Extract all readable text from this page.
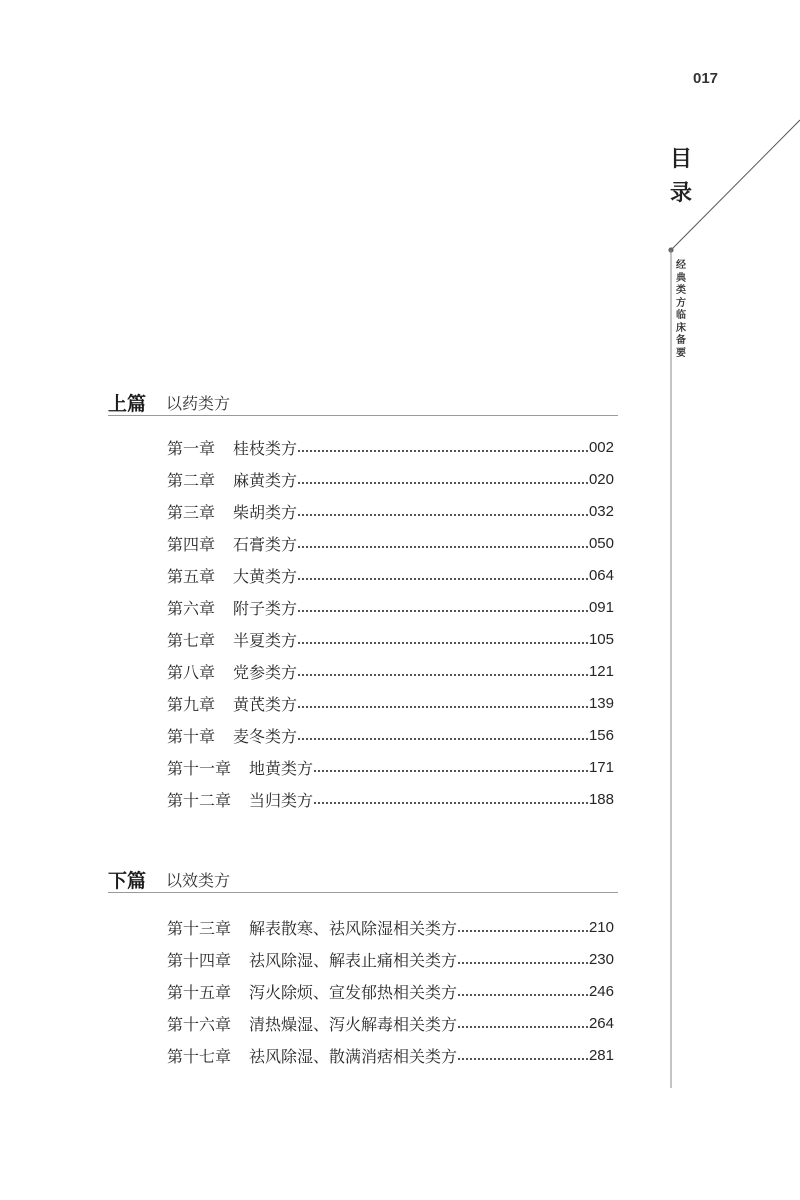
017
目
录
经
典
类
方
临
床
备
要
上篇 以药类方
第一章 桂枝类方	002
第二章 麻黄类方	020
第三章 柴胡类方	032
第四章 石膏类方	050
第五章 大黄类方	064
第六章 附子类方	091
第七章 半夏类方	105
第八章 党参类方	121
第九章 黄芪类方	139
第十章 麦冬类方	156
第十一章 地黄类方	171
第十二章 当归类方	188
下篇 以效类方
第十三章 解表散寒、祛风除湿相关类方	210
第十四章 祛风除湿、解表止痛相关类方	230
第十五章 泻火除烦、宣发郁热相关类方	246
第十六章 清热燥湿、泻火解毒相关类方	264
第十七章 祛风除湿、散满消痞相关类方	281
